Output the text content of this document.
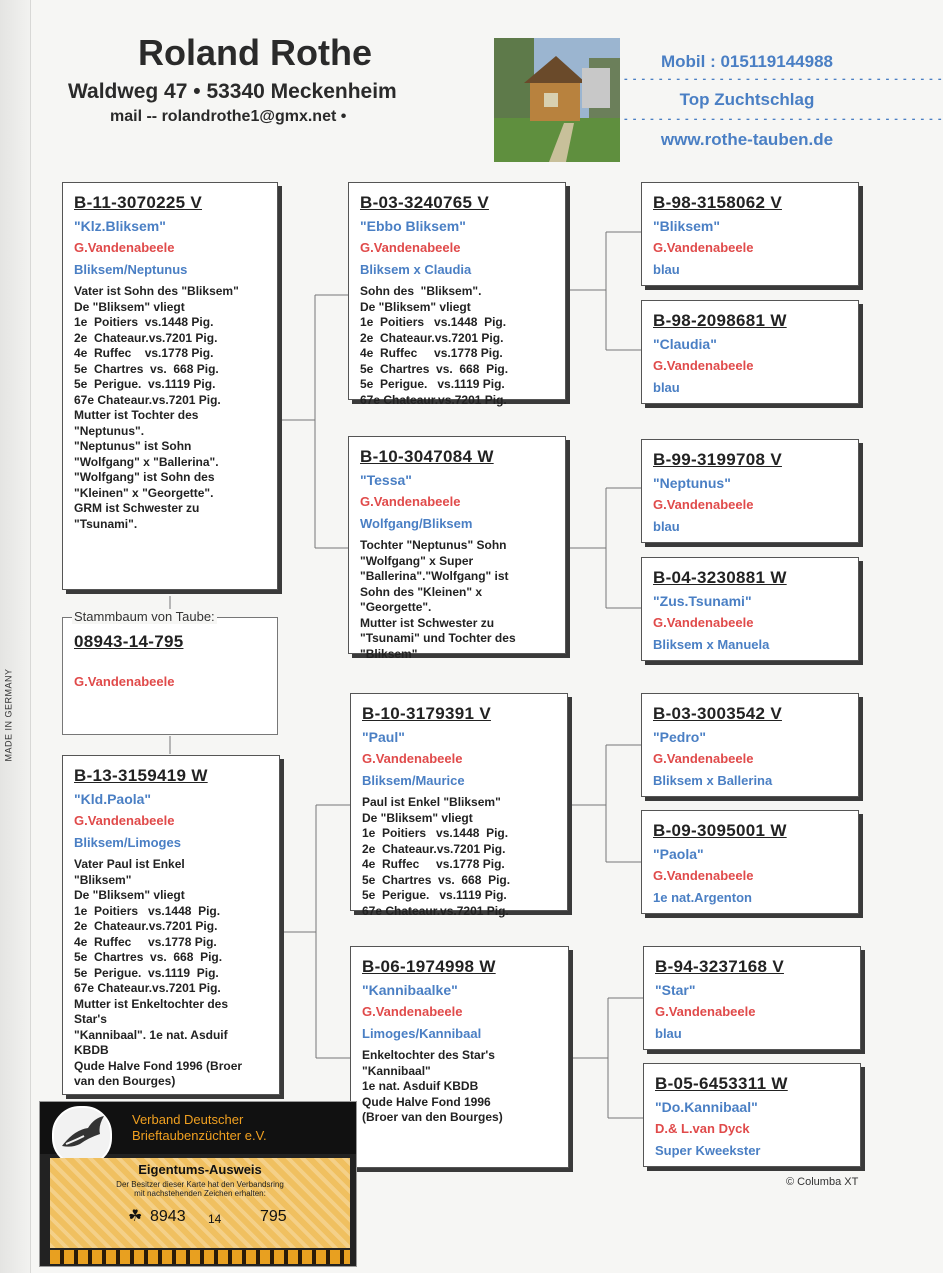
MADE IN GERMANY
Roland Rothe
Waldweg 47 • 53340 Meckenheim
mail -- rolandrothe1@gmx.net •
Mobil : 015119144988
- - - - - - - - - - - - - - - - - - - - - - - - - - - - - - - - - - - - -
Top Zuchtschlag
- - - - - - - - - - - - - - - - - - - - - - - - - - - - - - - - - - - - -
www.rothe-tauben.de
B-11-3070225 V
"Klz.Bliksem"
G.Vandenabeele
Bliksem/Neptunus
Vater ist Sohn des "Bliksem"
De "Bliksem" vliegt
1e  Poitiers  vs.1448 Pig.
2e  Chateaur.vs.7201 Pig.
4e  Ruffec    vs.1778 Pig.
5e  Chartres  vs.  668 Pig.
5e  Perigue.  vs.1119 Pig.
67e Chateaur.vs.7201 Pig.
Mutter ist Tochter des
"Neptunus".
"Neptunus" ist Sohn
"Wolfgang" x "Ballerina".
"Wolfgang" ist Sohn des
"Kleinen" x "Georgette".
GRM ist Schwester zu
"Tsunami".
08943-14-795
G.Vandenabeele
Stammbaum von Taube:
B-13-3159419 W
"Kld.Paola"
G.Vandenabeele
Bliksem/Limoges
Vater Paul ist Enkel
"Bliksem"
De "Bliksem" vliegt
1e  Poitiers   vs.1448  Pig.
2e  Chateaur.vs.7201 Pig.
4e  Ruffec     vs.1778 Pig.
5e  Chartres  vs.  668  Pig.
5e  Perigue.  vs.1119  Pig.
67e Chateaur.vs.7201 Pig.
Mutter ist Enkeltochter des
Star's
"Kannibaal". 1e nat. Asduif
KBDB
Qude Halve Fond 1996 (Broer
van den Bourges)
B-03-3240765 V
"Ebbo Bliksem"
G.Vandenabeele
Bliksem x Claudia
Sohn des  "Bliksem".
De "Bliksem" vliegt
1e  Poitiers   vs.1448  Pig.
2e  Chateaur.vs.7201 Pig.
4e  Ruffec     vs.1778 Pig.
5e  Chartres  vs.  668  Pig.
5e  Perigue.   vs.1119 Pig.
67e Chateaur.vs.7201 Pig.
B-10-3047084 W
"Tessa"
G.Vandenabeele
Wolfgang/Bliksem
Tochter "Neptunus" Sohn
"Wolfgang" x Super
"Ballerina"."Wolfgang" ist
Sohn des "Kleinen" x
"Georgette".
Mutter ist Schwester zu
"Tsunami" und Tochter des
"Bliksem"
B-10-3179391 V
"Paul"
G.Vandenabeele
Bliksem/Maurice
Paul ist Enkel "Bliksem"
De "Bliksem" vliegt
1e  Poitiers   vs.1448  Pig.
2e  Chateaur.vs.7201 Pig.
4e  Ruffec     vs.1778 Pig.
5e  Chartres  vs.  668  Pig.
5e  Perigue.   vs.1119 Pig.
67e Chateaur.vs.7201 Pig.
B-06-1974998 W
"Kannibaalke"
G.Vandenabeele
Limoges/Kannibaal
Enkeltochter des Star's
"Kannibaal"
1e nat. Asduif KBDB
Qude Halve Fond 1996
(Broer van den Bourges)
B-98-3158062 V
"Bliksem"
G.Vandenabeele
blau
B-98-2098681 W
"Claudia"
G.Vandenabeele
blau
B-99-3199708 V
"Neptunus"
G.Vandenabeele
blau
B-04-3230881 W
"Zus.Tsunami"
G.Vandenabeele
Bliksem x Manuela
B-03-3003542 V
"Pedro"
G.Vandenabeele
Bliksem x Ballerina
B-09-3095001 W
"Paola"
G.Vandenabeele
1e nat.Argenton
B-94-3237168 V
"Star"
G.Vandenabeele
blau
B-05-6453311 W
"Do.Kannibaal"
D.& L.van Dyck
Super Kweekster
© Columba XT
Verband Deutscher
Brieftaubenzüchter e.V.
Eigentums-Ausweis
Der Besitzer dieser Karte hat den Verbandsring
mit nachstehenden Zeichen erhalten:
☘ 8943 14 795
